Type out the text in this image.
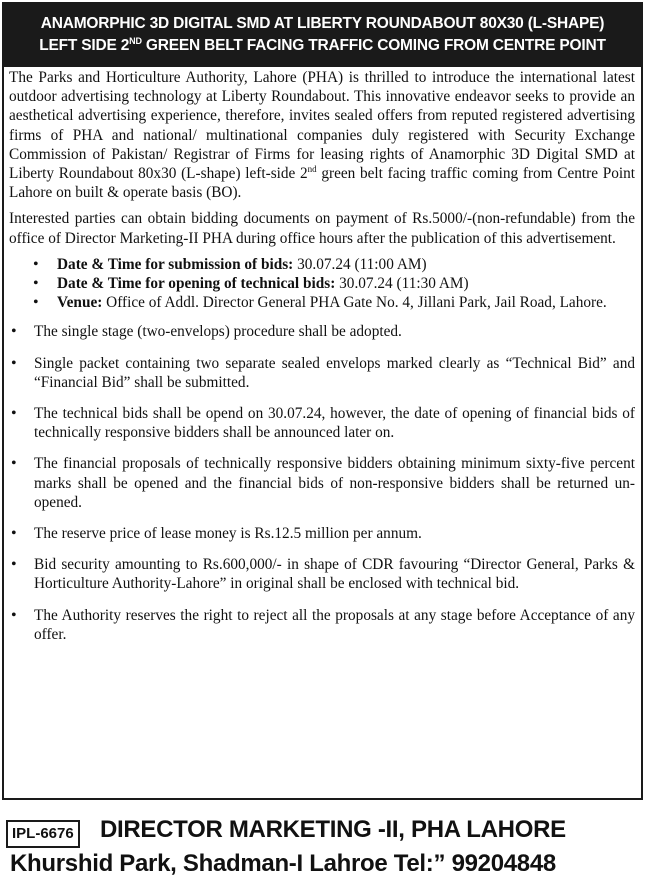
ANAMORPHIC 3D DIGITAL SMD AT LIBERTY ROUNDABOUT 80X30 (L-SHAPE)
LEFT SIDE 2ND GREEN BELT FACING TRAFFIC COMING FROM CENTRE POINT

The Parks and Horticulture Authority, Lahore (PHA) is thrilled to introduce the international latest outdoor advertising technology at Liberty Roundabout. This innovative endeavor seeks to provide an aesthetical advertising experience, therefore, invites sealed offers from reputed registered advertising firms of PHA and national/ multinational companies duly registered with Security Exchange Commission of Pakistan/ Registrar of Firms for leasing rights of Anamorphic 3D Digital SMD at Liberty Roundabout 80x30 (L-shape) left-side 2nd green belt facing traffic coming from Centre Point Lahore on built & operate basis (BO).

Interested parties can obtain bidding documents on payment of Rs.5000/-(non-refundable) from the office of Director Marketing-II PHA during office hours after the publication of this advertisement.

• Date & Time for submission of bids: 30.07.24 (11:00 AM)
• Date & Time for opening of technical bids: 30.07.24 (11:30 AM)
• Venue: Office of Addl. Director General PHA Gate No. 4, Jillani Park, Jail Road, Lahore.
• The single stage (two-envelops) procedure shall be adopted.
• Single packet containing two separate sealed envelops marked clearly as “Technical Bid” and “Financial Bid” shall be submitted.
• The technical bids shall be opend on 30.07.24, however, the date of opening of financial bids of technically responsive bidders shall be announced later on.
• The financial proposals of technically responsive bidders obtaining minimum sixty-five percent marks shall be opened and the financial bids of non-responsive bidders shall be returned un-opened.
• The reserve price of lease money is Rs.12.5 million per annum.
• Bid security amounting to Rs.600,000/- in shape of CDR favouring “Director General, Parks & Horticulture Authority-Lahore” in original shall be enclosed with technical bid.
• The Authority reserves the right to reject all the proposals at any stage before Acceptance of any offer.
IPL-6676 DIRECTOR MARKETING -II, PHA LAHORE
Khurshid Park, Shadman-I Lahroe Tel:” 99204848
